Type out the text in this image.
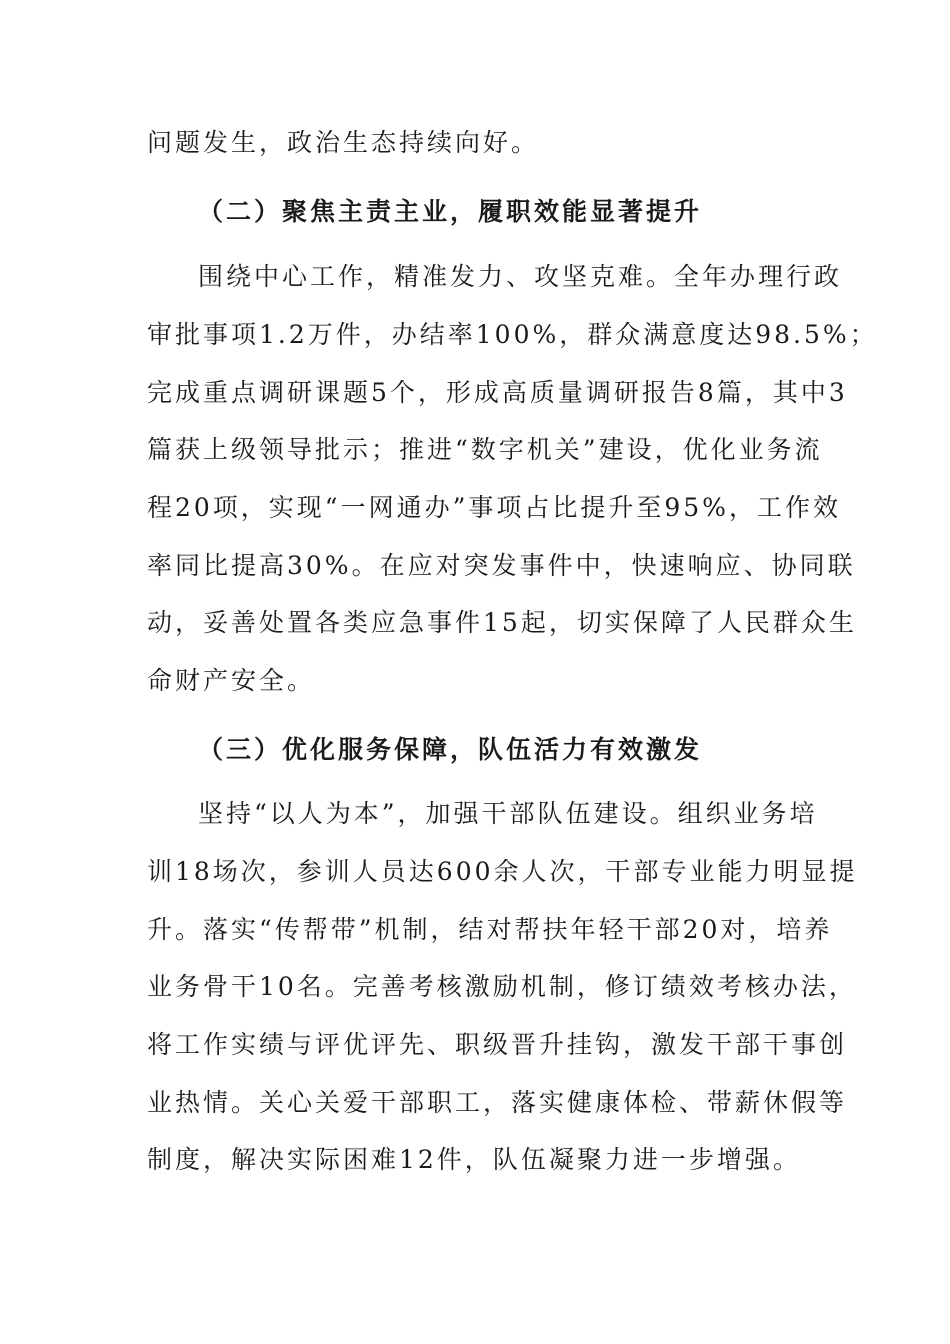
问题发生，政治生态持续向好。
（二）聚焦主责主业，履职效能显著提升
围绕中心工作，精准发力、攻坚克难。全年办理行政
审批事项1.2万件，办结率100%，群众满意度达98.5%；
完成重点调研课题5个，形成高质量调研报告8篇，其中3
篇获上级领导批示；推进“数字机关”建设，优化业务流
程20项，实现“一网通办”事项占比提升至95%，工作效
率同比提高30%。在应对突发事件中，快速响应、协同联
动，妥善处置各类应急事件15起，切实保障了人民群众生
命财产安全。
（三）优化服务保障，队伍活力有效激发
坚持“以人为本”，加强干部队伍建设。组织业务培
训18场次，参训人员达600余人次，干部专业能力明显提
升。落实“传帮带”机制，结对帮扶年轻干部20对，培养
业务骨干10名。完善考核激励机制，修订绩效考核办法，
将工作实绩与评优评先、职级晋升挂钩，激发干部干事创
业热情。关心关爱干部职工，落实健康体检、带薪休假等
制度，解决实际困难12件，队伍凝聚力进一步增强。
